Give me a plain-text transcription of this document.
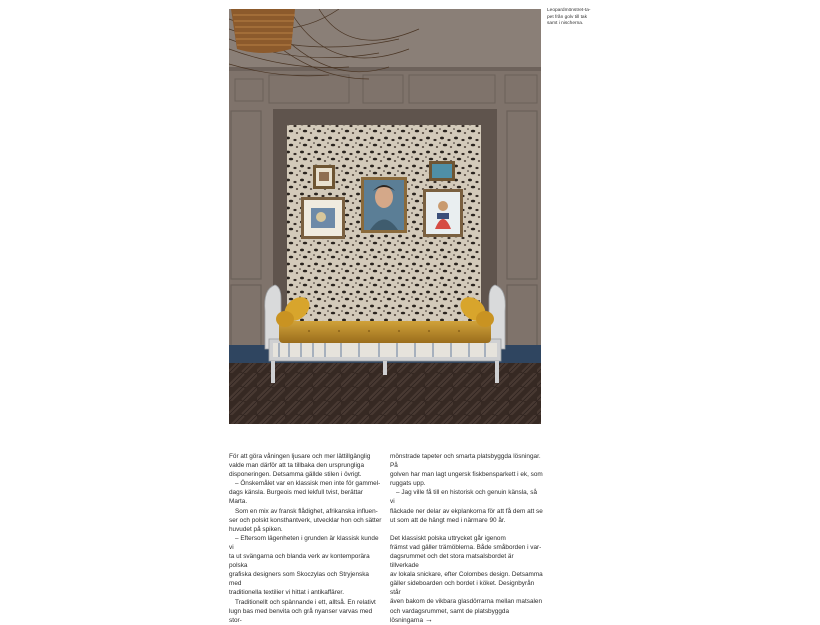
Leopardmönstret-ta-
pet från golv till tak
samt i nischerna.

För att göra våningen ljusare och mer lättillgänglig

valde man därför att ta tillbaka den ursprungliga

disponeringen. Detsamma gällde stilen i övrigt.

– Önskemålet var en klassisk men inte för gammel-

dags känsla. Burgeois med lekfull tvist, berättar Marta.

Som en mix av fransk flådighet, afrikanska influen-

ser och polskt konsthantverk, utvecklar hon och sätter

huvudet på spiken.

– Eftersom lägenheten i grunden är klassisk kunde vi

ta ut svängarna och blanda verk av kontemporära polska

grafiska designers som Skoczylas och Stryjenska med

traditionella textilier vi hittat i antikaffärer.

Traditionellt och spännande i ett, alltså. En relativt

lugn bas med benvita och grå nyanser varvas med stor-

mönstrade tapeter och smarta platsbyggda lösningar. På

golven har man lagt ungersk fiskbensparkett i ek, som

ruggats upp.

– Jag ville få till en historisk och genuin känsla, så vi

fläckade ner delar av ekplankorna för att få dem att se

ut som att de hängt med i närmare 90 år.

Det klassiskt polska uttrycket går igenom

främst vad gäller trämöblerna. Både småborden i var-

dagsrummet och det stora matsalsbordet är tillverkade

av lokala snickare, efter Colombes design. Detsamma

gäller sideboarden och bordet i köket. Designbyrån står

även bakom de vikbara glasdörrarna mellan matsalen

och vardagsrummet, samt de platsbyggda lösningarna →
